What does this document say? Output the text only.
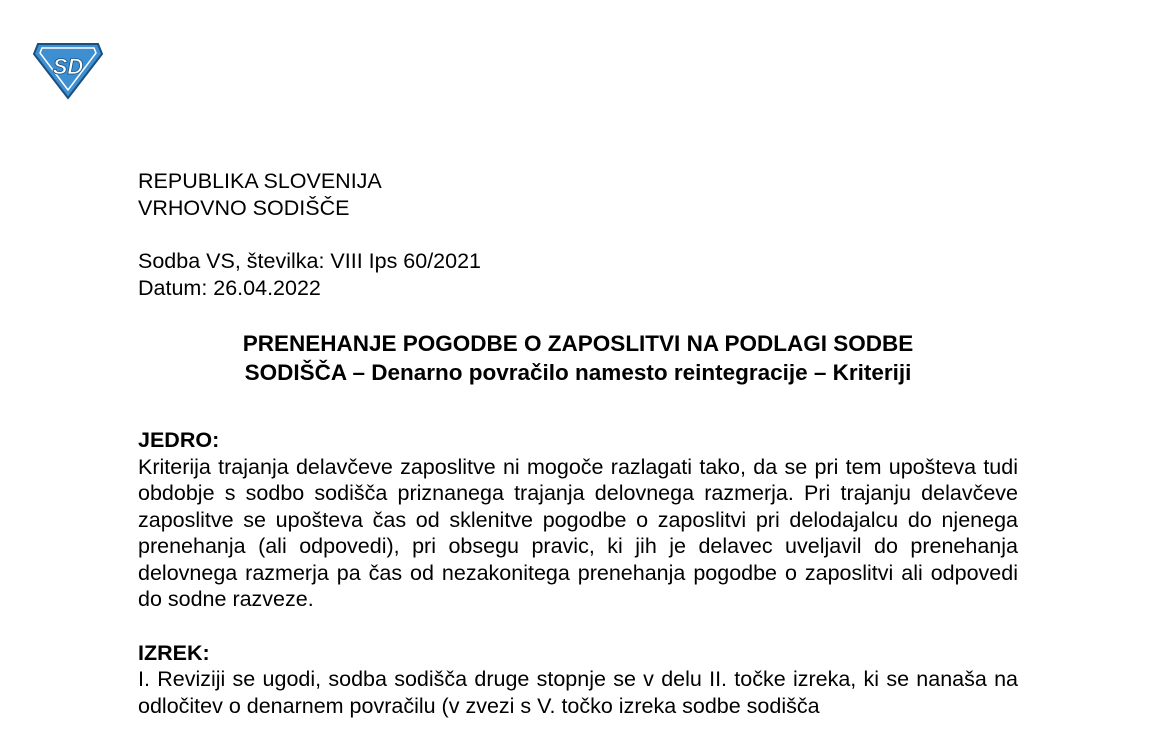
SD

REPUBLIKA SLOVENIJA

VRHOVNO SODIŠČE

Sodba VS, številka: VIII Ips 60/2021

Datum: 26.04.2022

PRENEHANJE POGODBE O ZAPOSLITVI NA PODLAGI SODBE

SODIŠČA – Denarno povračilo namesto reintegracije – Kriteriji

JEDRO:

Kriterija trajanja delavčeve zaposlitve ni mogoče razlagati tako, da se pri tem upošteva tudi obdobje s sodbo sodišča priznanega trajanja delovnega razmerja. Pri trajanju delavčeve zaposlitve se upošteva čas od sklenitve pogodbe o zaposlitvi pri delodajalcu do njenega prenehanja (ali odpovedi), pri obsegu pravic, ki jih je delavec uveljavil do prenehanja delovnega razmerja pa čas od nezakonitega prenehanja pogodbe o zaposlitvi ali odpovedi do sodne razveze.

IZREK:

I. Reviziji se ugodi, sodba sodišča druge stopnje se v delu II. točke izreka, ki se nanaša na odločitev o denarnem povračilu (v zvezi s V. točko izreka sodbe sodišča
